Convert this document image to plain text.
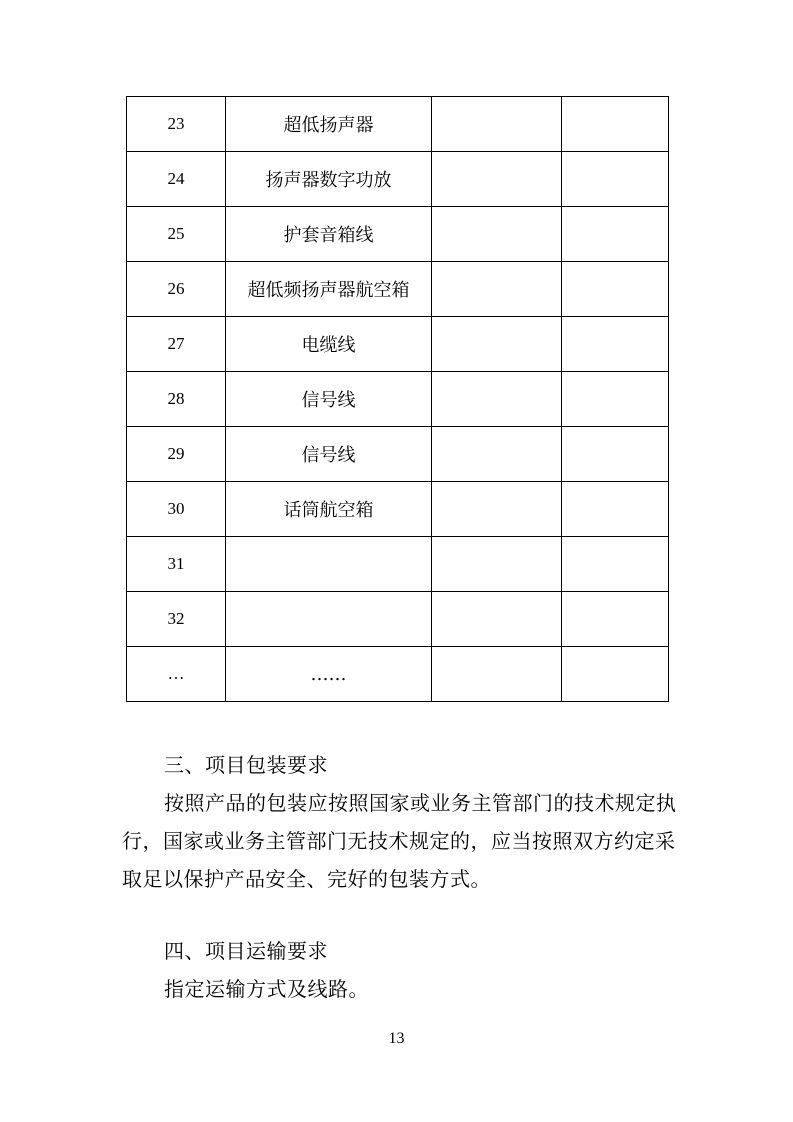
23	超低扬声器		
24	扬声器数字功放		
25	护套音箱线		
26	超低频扬声器航空箱		
27	电缆线		
28	信号线		
29	信号线		
30	话筒航空箱		
31			
32			
…	……		
三、项目包装要求
按照产品的包装应按照国家或业务主管部门的技术规定执行，国家或业务主管部门无技术规定的，应当按照双方约定采取足以保护产品安全、完好的包装方式。
四、项目运输要求
指定运输方式及线路。
13
